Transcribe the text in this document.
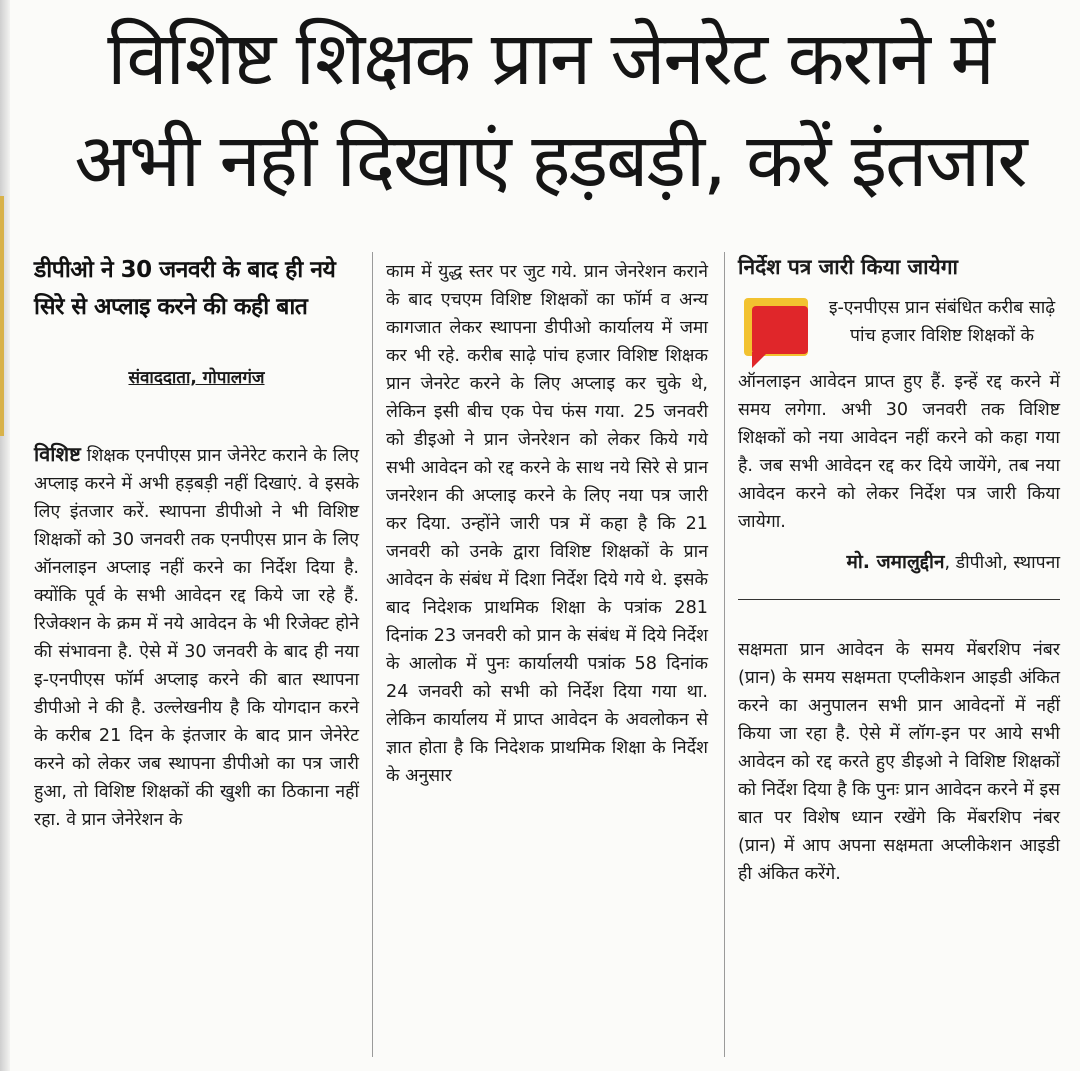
विशिष्ट शिक्षक प्रान जेनरेट कराने में
अभी नहीं दिखाएं हड़बड़ी, करें इंतजार
डीपीओ ने 30 जनवरी के बाद ही नये सिरे से अप्लाइ करने की कही बात

संवाददाता, गोपालगंज

विशिष्ट शिक्षक एनपीएस प्रान जेनेरेट कराने के लिए अप्लाइ करने में अभी हड़बड़ी नहीं दिखाएं. वे इसके लिए इंतजार करें. स्थापना डीपीओ ने भी विशिष्ट शिक्षकों को 30 जनवरी तक एनपीएस प्रान के लिए ऑनलाइन अप्लाइ नहीं करने का निर्देश दिया है. क्योंकि पूर्व के सभी आवेदन रद्द किये जा रहे हैं. रिजेक्शन के क्रम में नये आवेदन के भी रिजेक्ट होने की संभावना है. ऐसे में 30 जनवरी के बाद ही नया इ-एनपीएस फॉर्म अप्लाइ करने की बात स्थापना डीपीओ ने की है. उल्लेखनीय है कि योगदान करने के करीब 21 दिन के इंतजार के बाद प्रान जेनेरेट करने को लेकर जब स्थापना डीपीओ का पत्र जारी हुआ, तो विशिष्ट शिक्षकों की खुशी का ठिकाना नहीं रहा. वे प्रान जेनेरेशन के

काम में युद्ध स्तर पर जुट गये. प्रान जेनरेशन कराने के बाद एचएम विशिष्ट शिक्षकों का फॉर्म व अन्य कागजात लेकर स्थापना डीपीओ कार्यालय में जमा कर भी रहे. करीब साढ़े पांच हजार विशिष्ट शिक्षक प्रान जेनरेट करने के लिए अप्लाइ कर चुके थे, लेकिन इसी बीच एक पेच फंस गया. 25 जनवरी को डीइओ ने प्रान जेनरेशन को लेकर किये गये सभी आवेदन को रद्द करने के साथ नये सिरे से प्रान जनरेशन की अप्लाइ करने के लिए नया पत्र जारी कर दिया. उन्होंने जारी पत्र में कहा है कि 21 जनवरी को उनके द्वारा विशिष्ट शिक्षकों के प्रान आवेदन के संबंध में दिशा निर्देश दिये गये थे. इसके बाद निदेशक प्राथमिक शिक्षा के पत्रांक 281 दिनांक 23 जनवरी को प्रान के संबंध में दिये निर्देश के आलोक में पुनः कार्यालयी पत्रांक 58 दिनांक 24 जनवरी को सभी को निर्देश दिया गया था. लेकिन कार्यालय में प्राप्त आवेदन के अवलोकन से ज्ञात होता है कि निदेशक प्राथमिक शिक्षा के निर्देश के अनुसार

निर्देश पत्र जारी किया जायेगा

इ-एनपीएस प्रान संबंधित करीब साढ़े पांच हजार विशिष्ट शिक्षकों के

ऑनलाइन आवेदन प्राप्त हुए हैं. इन्हें रद्द करने में समय लगेगा. अभी 30 जनवरी तक विशिष्ट शिक्षकों को नया आवेदन नहीं करने को कहा गया है. जब सभी आवेदन रद्द कर दिये जायेंगे, तब नया आवेदन करने को लेकर निर्देश पत्र जारी किया जायेगा.

मो. जमालुद्दीन, डीपीओ, स्थापना

सक्षमता प्रान आवेदन के समय मेंबरशिप नंबर (प्रान) के समय सक्षमता एप्लीकेशन आइडी अंकित करने का अनुपालन सभी प्रान आवेदनों में नहीं किया जा रहा है. ऐसे में लॉग-इन पर आये सभी आवेदन को रद्द करते हुए डीइओ ने विशिष्ट शिक्षकों को निर्देश दिया है कि पुनः प्रान आवेदन करने में इस बात पर विशेष ध्यान रखेंगे कि मेंबरशिप नंबर (प्रान) में आप अपना सक्षमता अप्लीकेशन आइडी ही अंकित करेंगे.
